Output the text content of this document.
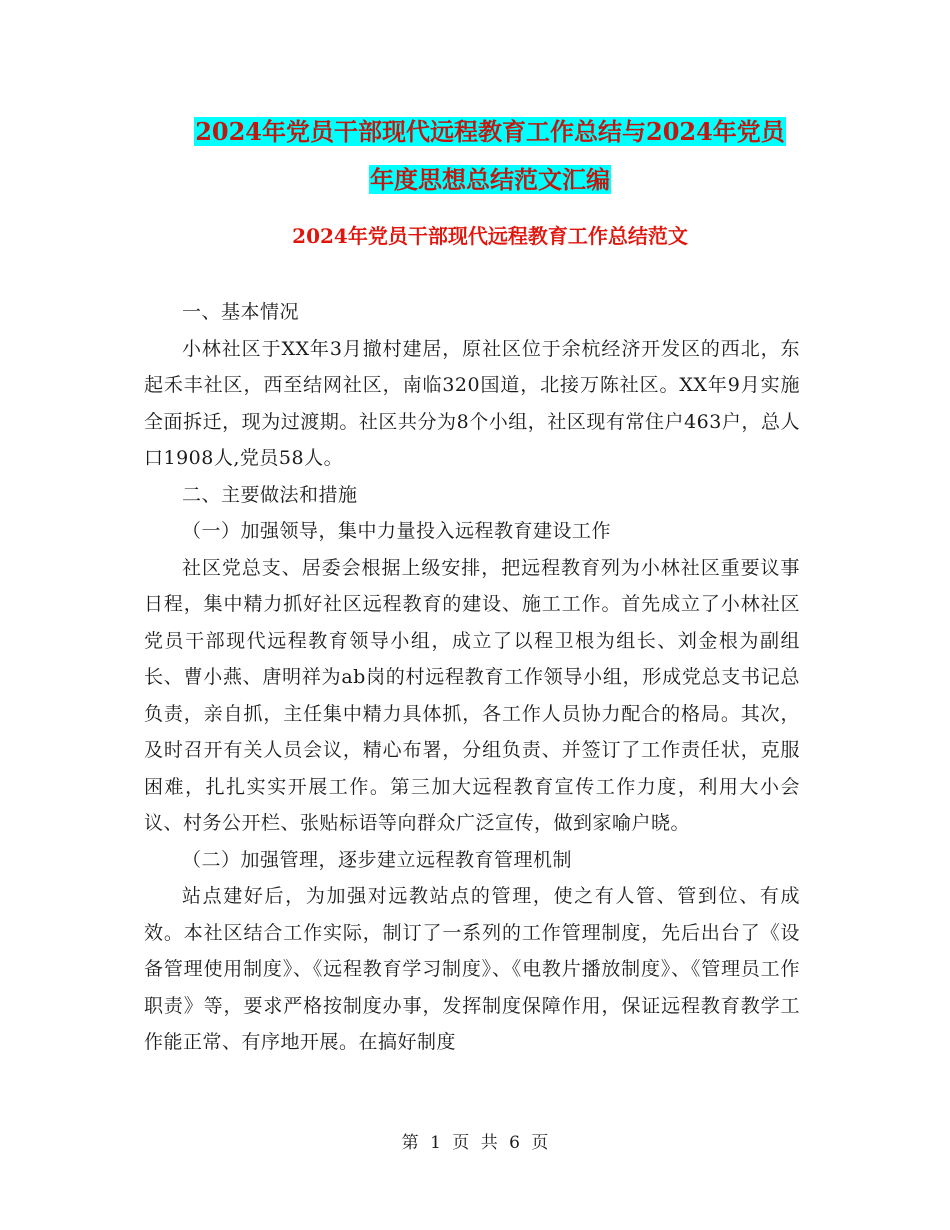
2024年党员干部现代远程教育工作总结与2024年党员
年度思想总结范文汇编
2024年党员干部现代远程教育工作总结范文

一、基本情况

小林社区于XX年3月撤村建居，原社区位于余杭经济开发区的西北，东起禾丰社区，西至结网社区，南临320国道，北接万陈社区。XX年9月实施全面拆迁，现为过渡期。社区共分为8个小组，社区现有常住户463户，总人口1908人,党员58人。

二、主要做法和措施

（一）加强领导，集中力量投入远程教育建设工作

社区党总支、居委会根据上级安排，把远程教育列为小林社区重要议事日程，集中精力抓好社区远程教育的建设、施工工作。首先成立了小林社区党员干部现代远程教育领导小组，成立了以程卫根为组长、刘金根为副组长、曹小燕、唐明祥为ab岗的村远程教育工作领导小组，形成党总支书记总负责，亲自抓，主任集中精力具体抓，各工作人员协力配合的格局。其次，及时召开有关人员会议，精心布署，分组负责、并签订了工作责任状，克服困难，扎扎实实开展工作。第三加大远程教育宣传工作力度，利用大小会议、村务公开栏、张贴标语等向群众广泛宣传，做到家喻户晓。

（二）加强管理，逐步建立远程教育管理机制

站点建好后，为加强对远教站点的管理，使之有人管、管到位、有成效。本社区结合工作实际，制订了一系列的工作管理制度，先后出台了《设备管理使用制度》、《远程教育学习制度》、《电教片播放制度》、《管理员工作职责》等，要求严格按制度办事，发挥制度保障作用，保证远程教育教学工作能正常、有序地开展。在搞好制度

第 1 页 共 6 页
